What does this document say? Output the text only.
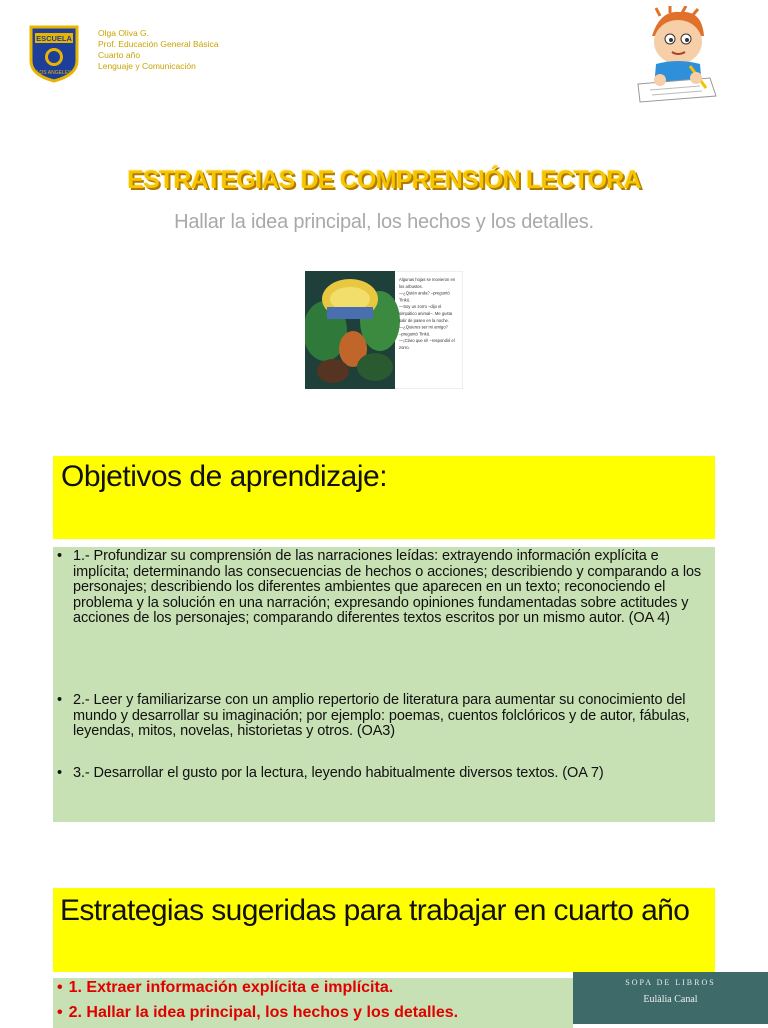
ESCUELA
LOS ANGELES
Olga Oliva G.
Prof. Educación General Básica
Cuarto año
Lenguaje y Comunicación
ESTRATEGIAS DE COMPRENSIÓN LECTORA
Hallar la idea principal, los hechos y los detalles.
Algunas hojas se movieron en
los arbustos.
—¿Quién anda? –preguntó
Tinkú.
—Soy un zorro –dijo el
simpático animal–. Me gusta
salir de paseo en la noche.
—¿Quieres ser mi amigo?
–preguntó Tinkú.
—¡Claro que sí! –respondió el
zorro.
Objetivos de aprendizaje:
• 1.- Profundizar su comprensión de las narraciones leídas: extrayendo información explícita e implícita; determinando las consecuencias de hechos o acciones; describiendo y comparando a los personajes; describiendo los diferentes ambientes que aparecen en un texto; reconociendo el problema y la solución en una narración; expresando opiniones fundamentadas sobre actitudes y acciones de los personajes; comparando diferentes textos escritos por un mismo autor. (OA 4)
• 2.- Leer y familiarizarse con un amplio repertorio de literatura para aumentar su conocimiento del mundo y desarrollar su imaginación; por ejemplo: poemas, cuentos folclóricos y de autor, fábulas, leyendas, mitos, novelas, historietas y otros. (OA3)
• 3.- Desarrollar el gusto por la lectura, leyendo habitualmente diversos textos. (OA 7)
Estrategias sugeridas para trabajar en cuarto año
• 1. Extraer información explícita e implícita.
• 2. Hallar la idea principal, los hechos y los detalles.
SOPA DE LIBROS
Eulàlia Canal
